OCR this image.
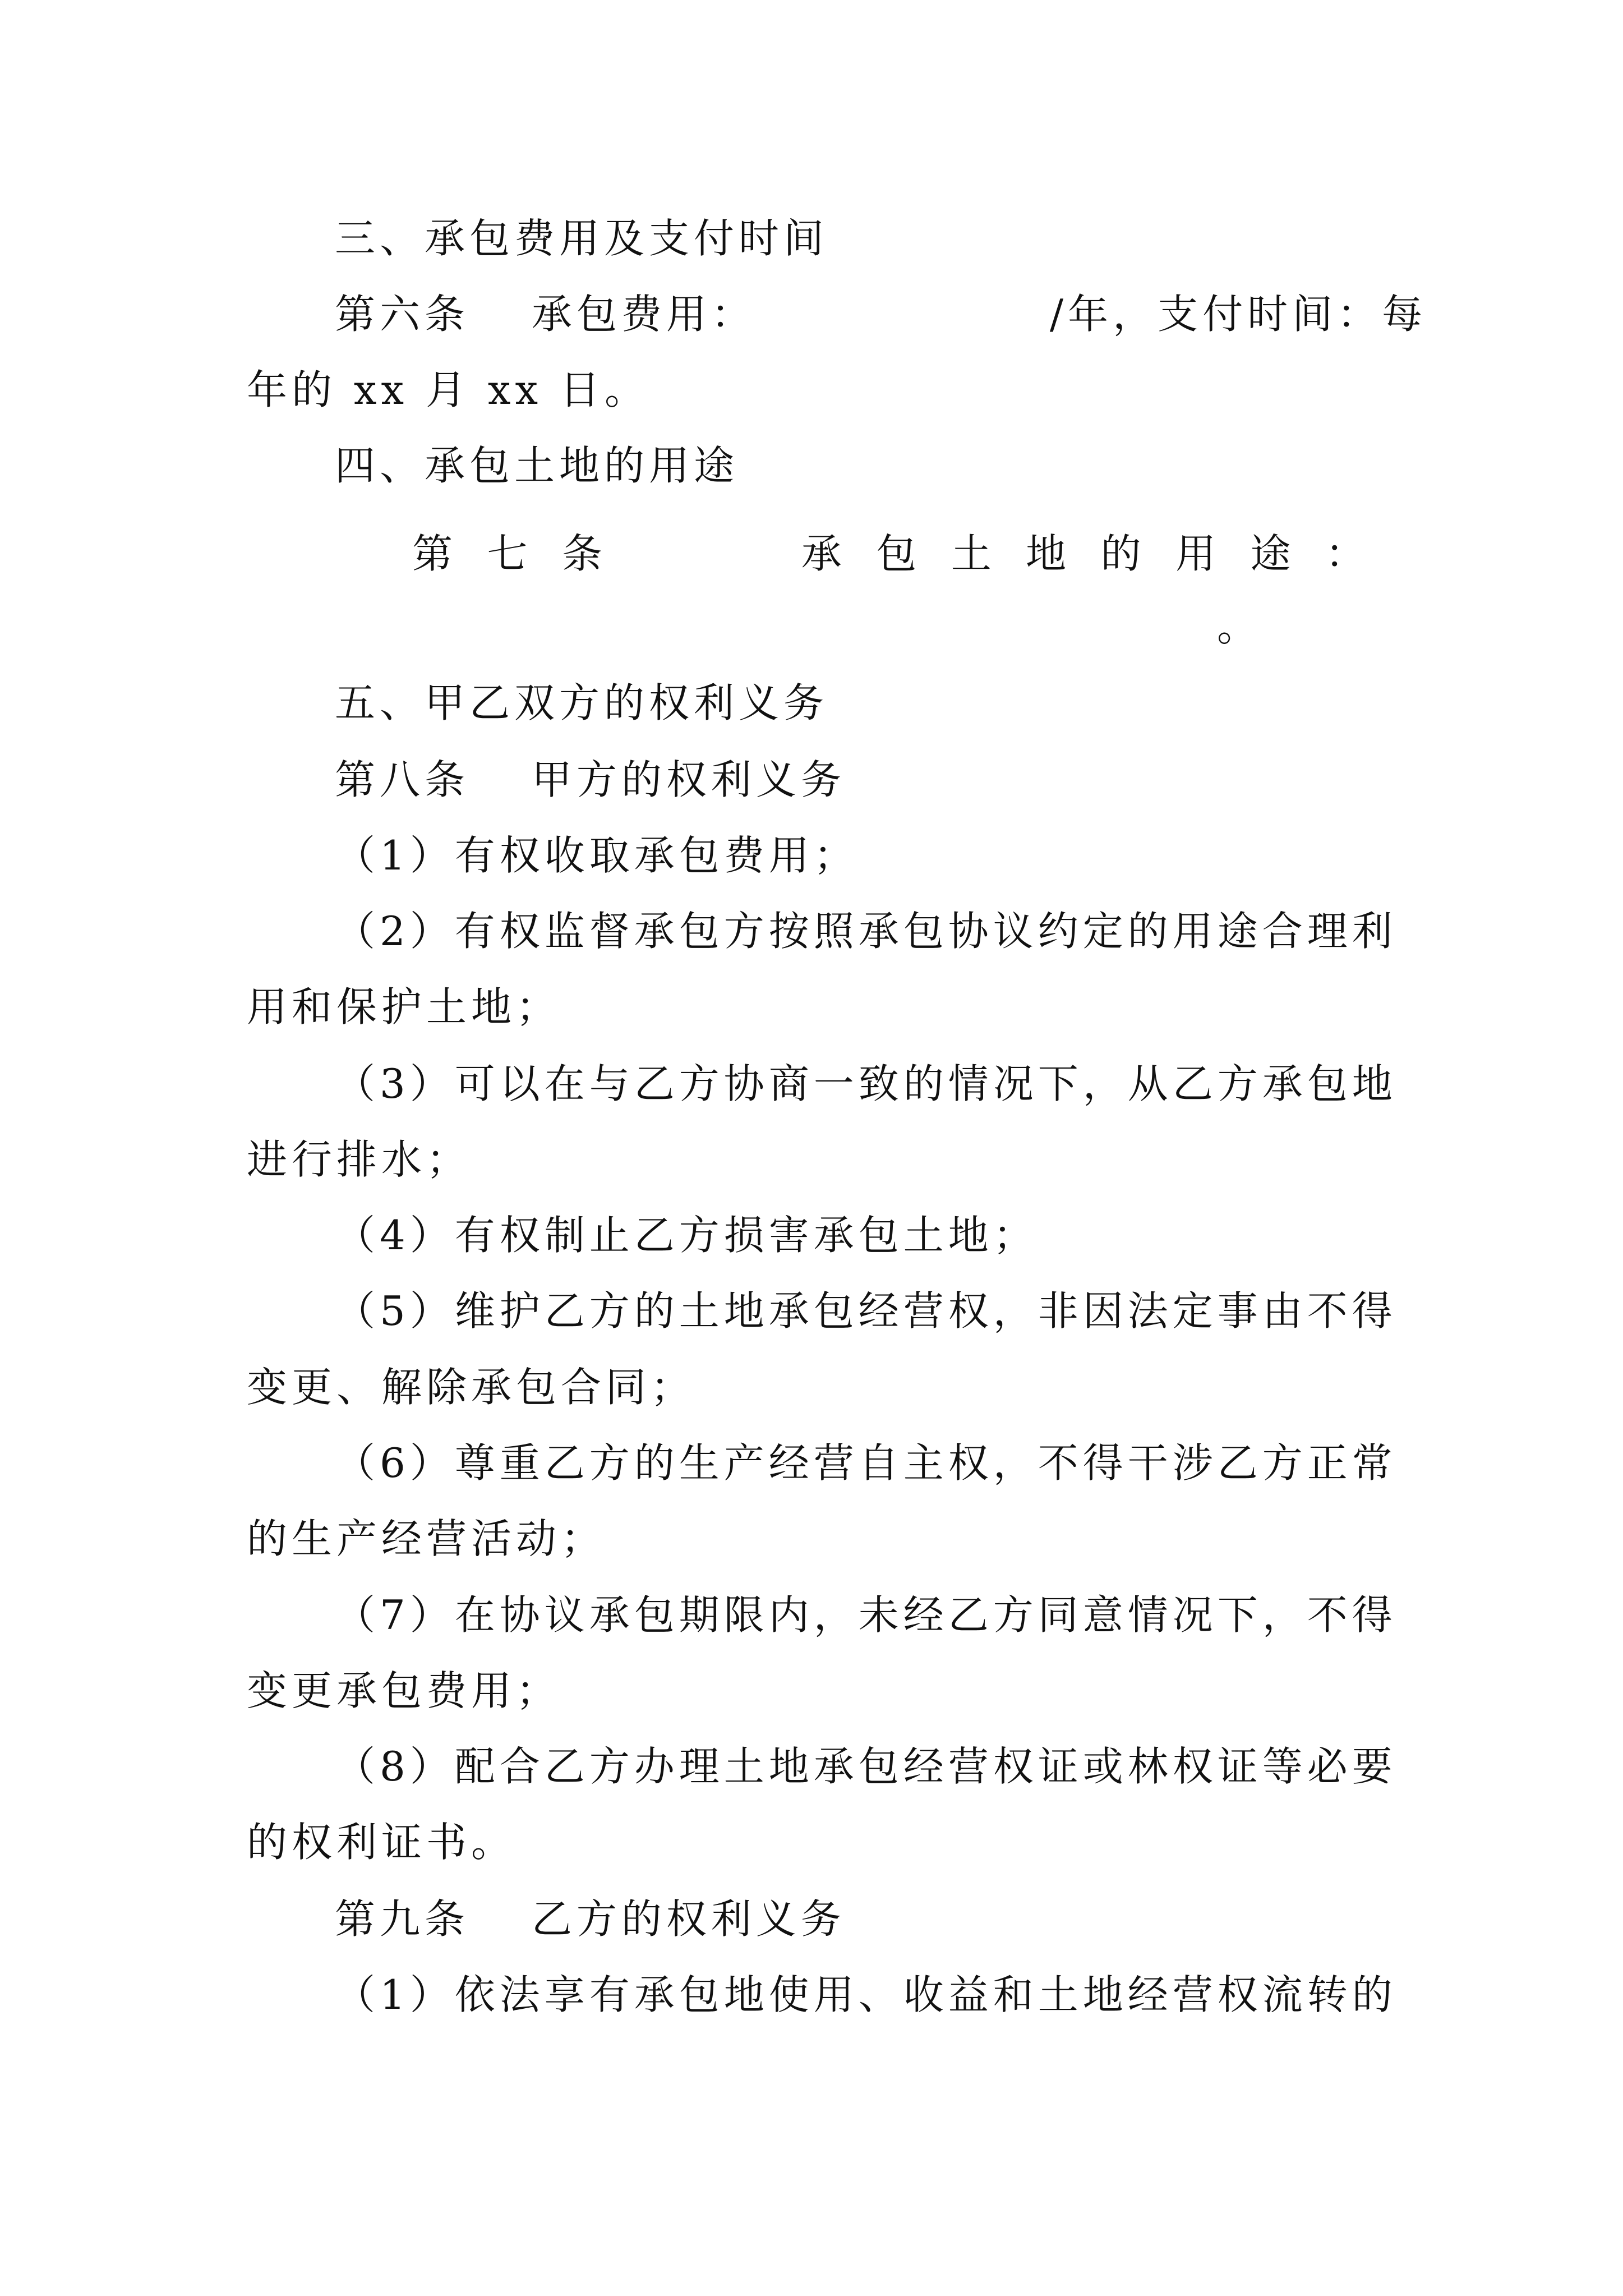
三、承包费用及支付时间
第六条　 承包费用：　　　　　　　/年，支付时间：每
年的 xx 月 xx 日。
四、承包土地的用途
第 七 条	承 包 土 地 的 用 途 ：
。
五、甲乙双方的权利义务
第八条　 甲方的权利义务
（1）有权收取承包费用；
（2）有权监督承包方按照承包协议约定的用途合理利
用和保护土地；
（3）可以在与乙方协商一致的情况下，从乙方承包地
进行排水；
（4）有权制止乙方损害承包土地；
（5）维护乙方的土地承包经营权，非因法定事由不得
变更、解除承包合同；
（6）尊重乙方的生产经营自主权，不得干涉乙方正常
的生产经营活动；
（7）在协议承包期限内，未经乙方同意情况下，不得
变更承包费用；
（8）配合乙方办理土地承包经营权证或林权证等必要
的权利证书。
第九条　 乙方的权利义务
（1）依法享有承包地使用、收益和土地经营权流转的
